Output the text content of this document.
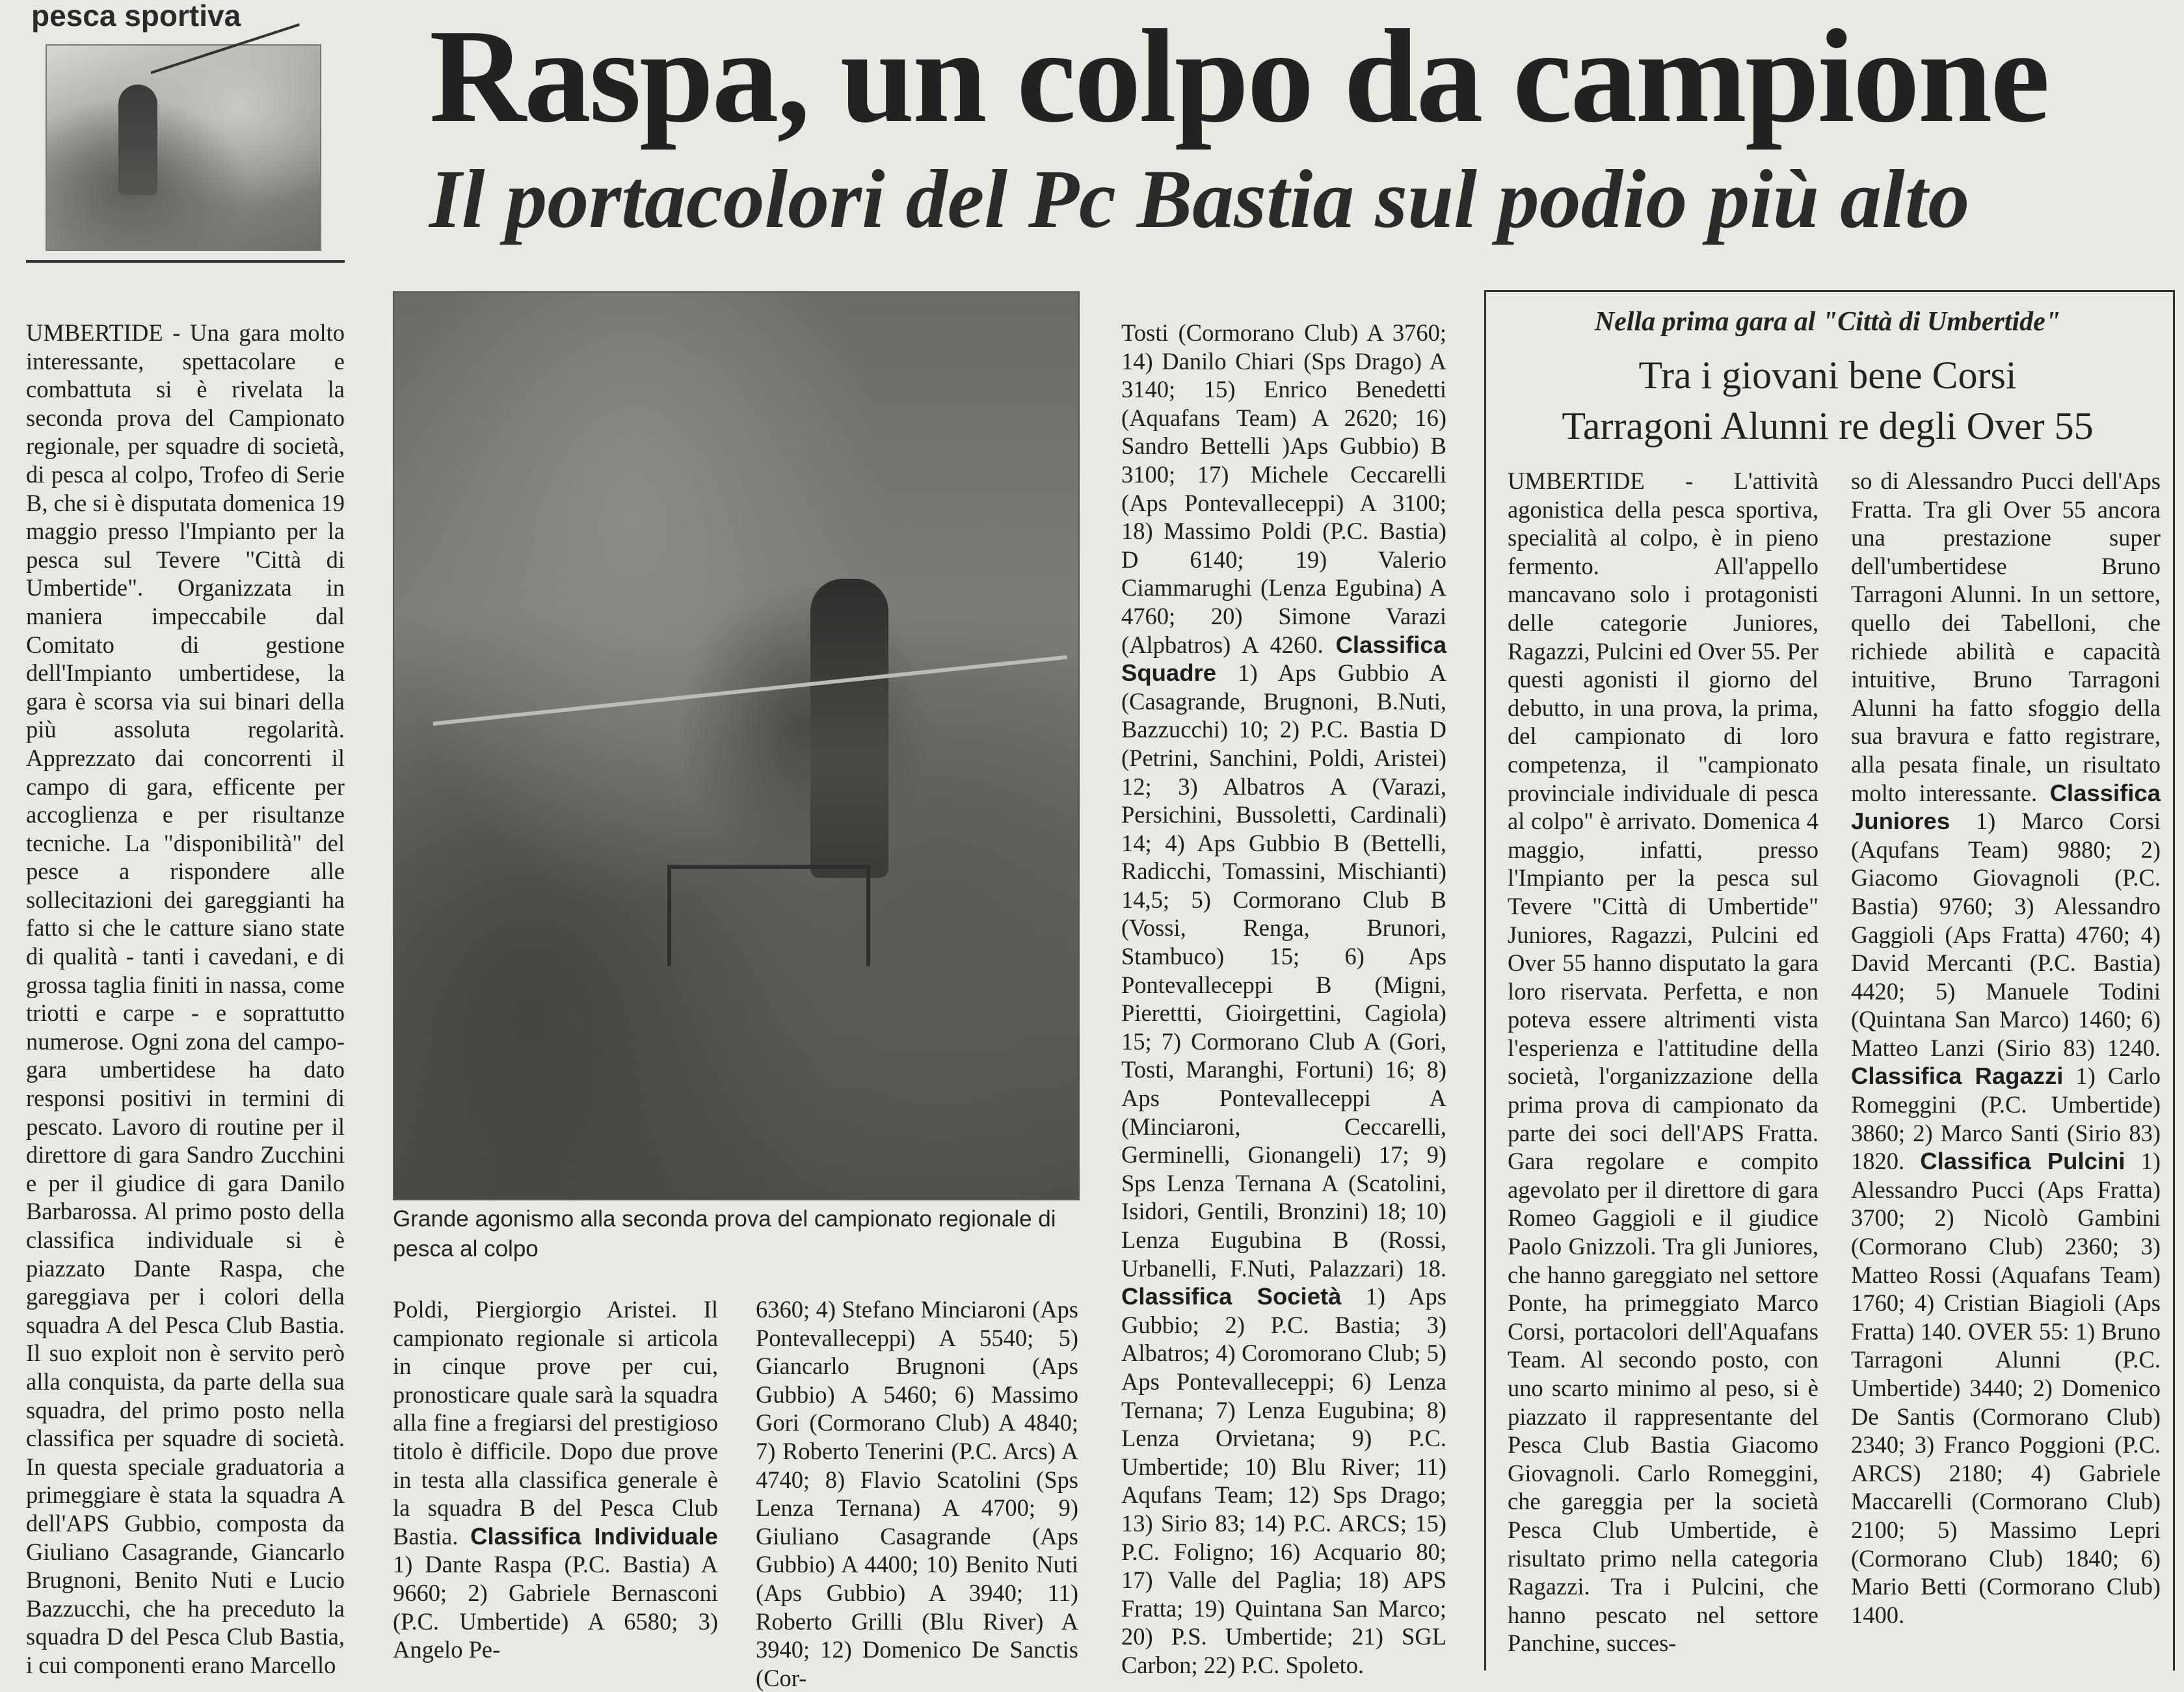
pesca sportiva	Raspa, un colpo da campione
Il portacolori del Pc Bastia sul podio più alto

UMBERTIDE - Una gara molto interessante, spettacolare e combattuta si è rivelata la seconda prova del Campionato regionale, per squadre di società, di pesca al colpo, Trofeo di Serie B, che si è disputata domenica 19 maggio presso l'Impianto per la pesca sul Tevere "Città di Umbertide". Organizzata in maniera impeccabile dal Comitato di gestione dell'Impianto umbertidese, la gara è scorsa via sui binari della più assoluta regolarità. Apprezzato dai concorrenti il campo di gara, efficente per accoglienza e per risultanze tecniche. La "disponibilità" del pesce a rispondere alle sollecitazioni dei gareggianti ha fatto si che le catture siano state di qualità - tanti i cavedani, e di grossa taglia finiti in nassa, come triotti e carpe - e soprattutto numerose. Ogni zona del campo-gara umbertidese ha dato responsi positivi in termini di pescato. Lavoro di routine per il direttore di gara Sandro Zucchini e per il giudice di gara Danilo Barbarossa. Al primo posto della classifica individuale si è piazzato Dante Raspa, che gareggiava per i colori della squadra A del Pesca Club Bastia. Il suo exploit non è servito però alla conquista, da parte della sua squadra, del primo posto nella classifica per squadre di società. In questa speciale graduatoria a primeggiare è stata la squadra A dell'APS Gubbio, composta da Giuliano Casagrande, Giancarlo Brugnoni, Benito Nuti e Lucio Bazzucchi, che ha preceduto la squadra D del Pesca Club Bastia, i cui componenti erano Marcello

Grande agonismo alla seconda prova del campionato regionale di pesca al colpo

Poldi, Piergiorgio Aristei. Il campionato regionale si articola in cinque prove per cui, pronosticare quale sarà la squadra alla fine a fregiarsi del prestigioso titolo è difficile. Dopo due prove in testa alla classifica generale è la squadra B del Pesca Club Bastia. Classifica Individuale 1) Dante Raspa (P.C. Bastia) A 9660; 2) Gabriele Bernasconi (P.C. Umbertide) A 6580; 3) Angelo Pe-

6360; 4) Stefano Minciaroni (Aps Pontevalleceppi) A 5540; 5) Giancarlo Brugnoni (Aps Gubbio) A 5460; 6) Massimo Gori (Cormorano Club) A 4840; 7) Roberto Tenerini (P.C. Arcs) A 4740; 8) Flavio Scatolini (Sps Lenza Ternana) A 4700; 9) Giuliano Casagrande (Aps Gubbio) A 4400; 10) Benito Nuti (Aps Gubbio) A 3940; 11) Roberto Grilli (Blu River) A 3940; 12) Domenico De Sanctis (Cor-

Tosti (Cormorano Club) A 3760; 14) Danilo Chiari (Sps Drago) A 3140; 15) Enrico Benedetti (Aquafans Team) A 2620; 16) Sandro Bettelli )Aps Gubbio) B 3100; 17) Michele Ceccarelli (Aps Pontevalleceppi) A 3100; 18) Massimo Poldi (P.C. Bastia) D 6140; 19) Valerio Ciammarughi (Lenza Egubina) A 4760; 20) Simone Varazi (Alpbatros) A 4260. Classifica Squadre 1) Aps Gubbio A (Casagrande, Brugnoni, B.Nuti, Bazzucchi) 10; 2) P.C. Bastia D (Petrini, Sanchini, Poldi, Aristei) 12; 3) Albatros A (Varazi, Persichini, Bussoletti, Cardinali) 14; 4) Aps Gubbio B (Bettelli, Radicchi, Tomassini, Mischianti) 14,5; 5) Cormorano Club B (Vossi, Renga, Brunori, Stambuco) 15; 6) Aps Pontevalleceppi B (Migni, Pierettti, Gioirgettini, Cagiola) 15; 7) Cormorano Club A (Gori, Tosti, Maranghi, Fortuni) 16; 8) Aps Pontevalleceppi A (Minciaroni, Ceccarelli, Germinelli, Gionangeli) 17; 9) Sps Lenza Ternana A (Scatolini, Isidori, Gentili, Bronzini) 18; 10) Lenza Eugubina B (Rossi, Urbanelli, F.Nuti, Palazzari) 18. Classifica Società 1) Aps Gubbio; 2) P.C. Bastia; 3) Albatros; 4) Coromorano Club; 5) Aps Pontevalleceppi; 6) Lenza Ternana; 7) Lenza Eugubina; 8) Lenza Orvietana; 9) P.C. Umbertide; 10) Blu River; 11) Aqufans Team; 12) Sps Drago; 13) Sirio 83; 14) P.C. ARCS; 15) P.C. Foligno; 16) Acquario 80; 17) Valle del Paglia; 18) APS Fratta; 19) Quintana San Marco; 20) P.S. Umbertide; 21) SGL Carbon; 22) P.C. Spoleto.

Nella prima gara al "Città di Umbertide"
Tra i giovani bene Corsi
Tarragoni Alunni re degli Over 55

UMBERTIDE - L'attività agonistica della pesca sportiva, specialità al colpo, è in pieno fermento. All'appello mancavano solo i protagonisti delle categorie Juniores, Ragazzi, Pulcini ed Over 55. Per questi agonisti il giorno del debutto, in una prova, la prima, del campionato di loro competenza, il "campionato provinciale individuale di pesca al colpo" è arrivato. Domenica 4 maggio, infatti, presso l'Impianto per la pesca sul Tevere "Città di Umbertide" Juniores, Ragazzi, Pulcini ed Over 55 hanno disputato la gara loro riservata. Perfetta, e non poteva essere altrimenti vista l'esperienza e l'attitudine della società, l'organizzazione della prima prova di campionato da parte dei soci dell'APS Fratta. Gara regolare e compito agevolato per il direttore di gara Romeo Gaggioli e il giudice Paolo Gnizzoli. Tra gli Juniores, che hanno gareggiato nel settore Ponte, ha primeggiato Marco Corsi, portacolori dell'Aquafans Team. Al secondo posto, con uno scarto minimo al peso, si è piazzato il rappresentante del Pesca Club Bastia Giacomo Giovagnoli. Carlo Romeggini, che gareggia per la società Pesca Club Umbertide, è risultato primo nella categoria Ragazzi. Tra i Pulcini, che hanno pescato nel settore Panchine, succes-

so di Alessandro Pucci dell'Aps Fratta. Tra gli Over 55 ancora una prestazione super dell'umbertidese Bruno Tarragoni Alunni. In un settore, quello dei Tabelloni, che richiede abilità e capacità intuitive, Bruno Tarragoni Alunni ha fatto sfoggio della sua bravura e fatto registrare, alla pesata finale, un risultato molto interessante. Classifica Juniores 1) Marco Corsi (Aqufans Team) 9880; 2) Giacomo Giovagnoli (P.C. Bastia) 9760; 3) Alessandro Gaggioli (Aps Fratta) 4760; 4) David Mercanti (P.C. Bastia) 4420; 5) Manuele Todini (Quintana San Marco) 1460; 6) Matteo Lanzi (Sirio 83) 1240. Classifica Ragazzi 1) Carlo Romeggini (P.C. Umbertide) 3860; 2) Marco Santi (Sirio 83) 1820. Classifica Pulcini 1) Alessandro Pucci (Aps Fratta) 3700; 2) Nicolò Gambini (Cormorano Club) 2360; 3) Matteo Rossi (Aquafans Team) 1760; 4) Cristian Biagioli (Aps Fratta) 140. OVER 55: 1) Bruno Tarragoni Alunni (P.C. Umbertide) 3440; 2) Domenico De Santis (Cormorano Club) 2340; 3) Franco Poggioni (P.C. ARCS) 2180; 4) Gabriele Maccarelli (Cormorano Club) 2100; 5) Massimo Lepri (Cormorano Club) 1840; 6) Mario Betti (Cormorano Club) 1400.
